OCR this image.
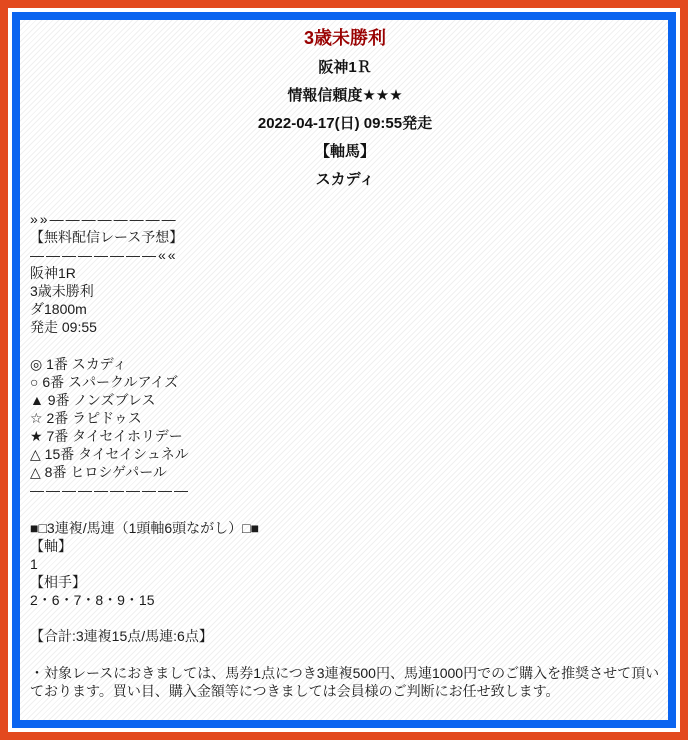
3歳未勝利
阪神1Ｒ
情報信頼度★★★
2022-04-17(日) 09:55発走
【軸馬】
スカディ
»»————————
【無料配信レース予想】
————————««
阪神1R
3歳未勝利
ダ1800m
発走 09:55
◎ 1番 スカディ
○ 6番 スパークルアイズ
▲ 9番 ノンズブレス
☆ 2番 ラピドゥス
★ 7番 タイセイホリデー
△ 15番 タイセイシュネル
△ 8番 ヒロシゲパール
——————————
■□3連複/馬連（1頭軸6頭ながし）□■
【軸】
1
【相手】
2・6・7・8・9・15
【合計:3連複15点/馬連:6点】
・対象レースにおきましては、馬券1点につき3連複500円、馬連1000円でのご購入を推奨させて頂いております。買い目、購入金額等につきましては会員様のご判断にお任せ致します。
